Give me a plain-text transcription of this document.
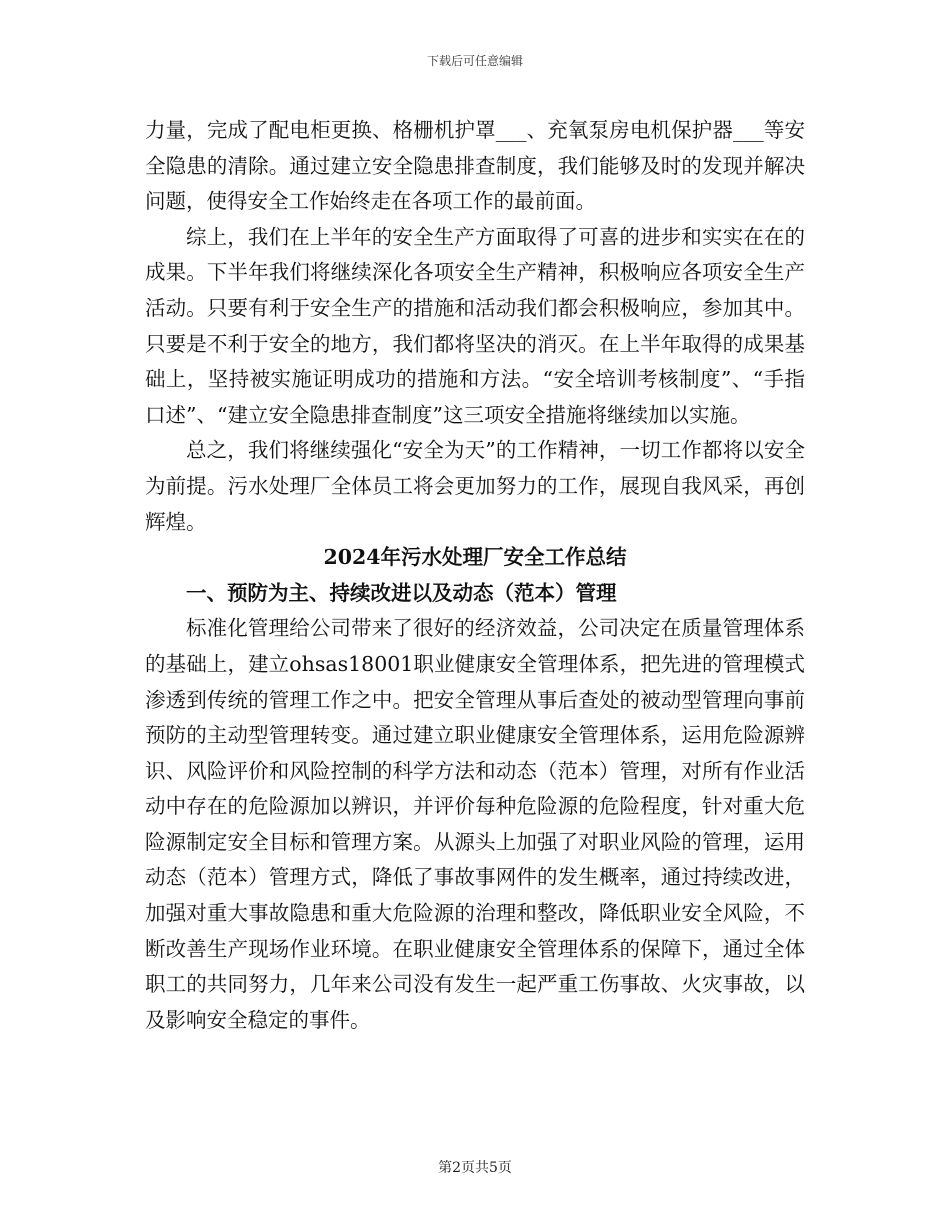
下载后可任意编辑

力量，完成了配电柜更换、格栅机护罩___、充氧泵房电机保护器___等安全隐患的清除。通过建立安全隐患排查制度，我们能够及时的发现并解决问题，使得安全工作始终走在各项工作的最前面。

综上，我们在上半年的安全生产方面取得了可喜的进步和实实在在的成果。下半年我们将继续深化各项安全生产精神，积极响应各项安全生产活动。只要有利于安全生产的措施和活动我们都会积极响应，参加其中。只要是不利于安全的地方，我们都将坚决的消灭。在上半年取得的成果基础上，坚持被实施证明成功的措施和方法。“安全培训考核制度”、“手指口述”、“建立安全隐患排查制度”这三项安全措施将继续加以实施。

总之，我们将继续强化“安全为天”的工作精神，一切工作都将以安全为前提。污水处理厂全体员工将会更加努力的工作，展现自我风采，再创辉煌。

2024年污水处理厂安全工作总结

一、预防为主、持续改进以及动态（范本）管理

标准化管理给公司带来了很好的经济效益，公司决定在质量管理体系的基础上，建立ohsas18001职业健康安全管理体系，把先进的管理模式渗透到传统的管理工作之中。把安全管理从事后查处的被动型管理向事前预防的主动型管理转变。通过建立职业健康安全管理体系，运用危险源辨识、风险评价和风险控制的科学方法和动态（范本）管理，对所有作业活动中存在的危险源加以辨识，并评价每种危险源的危险程度，针对重大危险源制定安全目标和管理方案。从源头上加强了对职业风险的管理，运用动态（范本）管理方式，降低了事故事网件的发生概率，通过持续改进，加强对重大事故隐患和重大危险源的治理和整改，降低职业安全风险，不断改善生产现场作业环境。在职业健康安全管理体系的保障下，通过全体职工的共同努力，几年来公司没有发生一起严重工伤事故、火灾事故，以及影响安全稳定的事件。

第2页共5页
